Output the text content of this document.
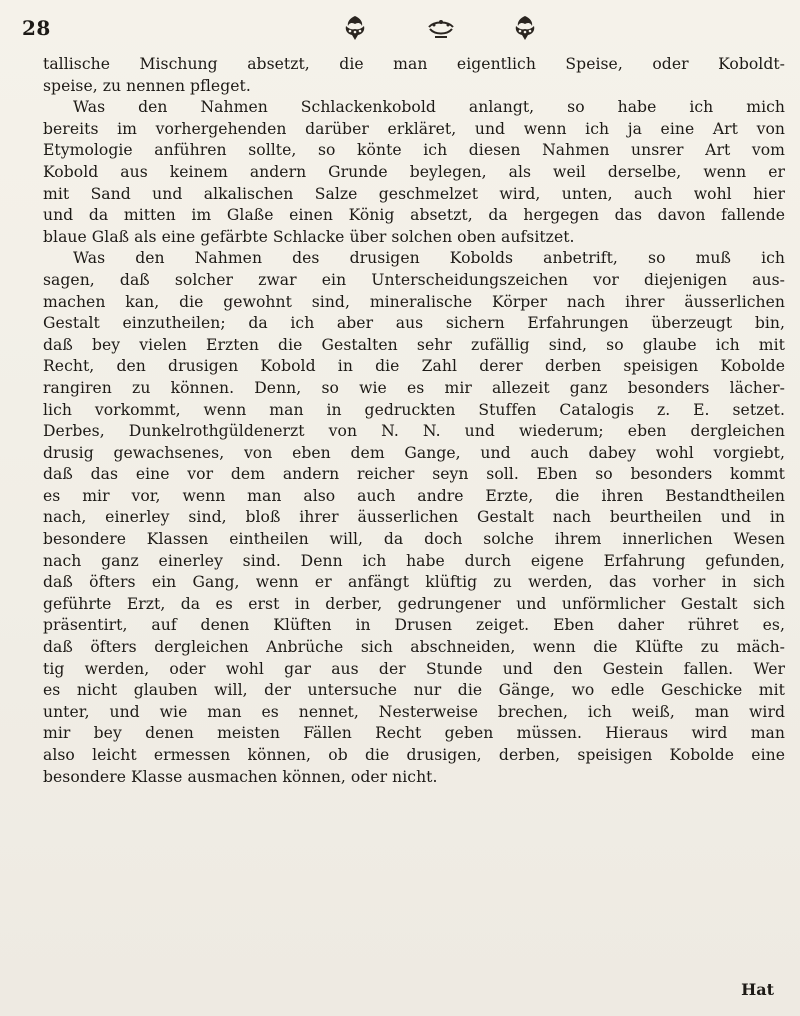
28
tallische Mischung absetzt, die man eigentlich Speise, oder Koboldt-
speise, zu nennen pfleget.
Was den Nahmen Schlackenkobold anlangt, so habe ich mich
bereits im vorhergehenden darüber erkläret, und wenn ich ja eine Art von
Etymologie anführen sollte, so könte ich diesen Nahmen unsrer Art vom
Kobold aus keinem andern Grunde beylegen, als weil derselbe, wenn er
mit Sand und alkalischen Salze geschmelzet wird, unten, auch wohl hier
und da mitten im Glaße einen König absetzt, da hergegen das davon fallende
blaue Glaß als eine gefärbte Schlacke über solchen oben aufsitzet.
Was den Nahmen des drusigen Kobolds anbetrift, so muß ich
sagen, daß solcher zwar ein Unterscheidungszeichen vor diejenigen aus-
machen kan, die gewohnt sind, mineralische Körper nach ihrer äusserlichen
Gestalt einzutheilen; da ich aber aus sichern Erfahrungen überzeugt bin,
daß bey vielen Erzten die Gestalten sehr zufällig sind, so glaube ich mit
Recht, den drusigen Kobold in die Zahl derer derben speisigen Kobolde
rangiren zu können. Denn, so wie es mir allezeit ganz besonders lächer-
lich vorkommt, wenn man in gedruckten Stuffen Catalogis z. E. setzet.
Derbes, Dunkelrothgüldenerzt von N. N. und wiederum; eben dergleichen
drusig gewachsenes, von eben dem Gange, und auch dabey wohl vorgiebt,
daß das eine vor dem andern reicher seyn soll. Eben so besonders kommt
es mir vor, wenn man also auch andre Erzte, die ihren Bestandtheilen
nach, einerley sind, bloß ihrer äusserlichen Gestalt nach beurtheilen und in
besondere Klassen eintheilen will, da doch solche ihrem innerlichen Wesen
nach ganz einerley sind. Denn ich habe durch eigene Erfahrung gefunden,
daß öfters ein Gang, wenn er anfängt klüftig zu werden, das vorher in sich
geführte Erzt, da es erst in derber, gedrungener und unförmlicher Gestalt sich
präsentirt, auf denen Klüften in Drusen zeiget. Eben daher rühret es,
daß öfters dergleichen Anbrüche sich abschneiden, wenn die Klüfte zu mäch-
tig werden, oder wohl gar aus der Stunde und den Gestein fallen. Wer
es nicht glauben will, der untersuche nur die Gänge, wo edle Geschicke mit
unter, und wie man es nennet, Nesterweise brechen, ich weiß, man wird
mir bey denen meisten Fällen Recht geben müssen. Hieraus wird man
also leicht ermessen können, ob die drusigen, derben, speisigen Kobolde eine
besondere Klasse ausmachen können, oder nicht.
Hat
